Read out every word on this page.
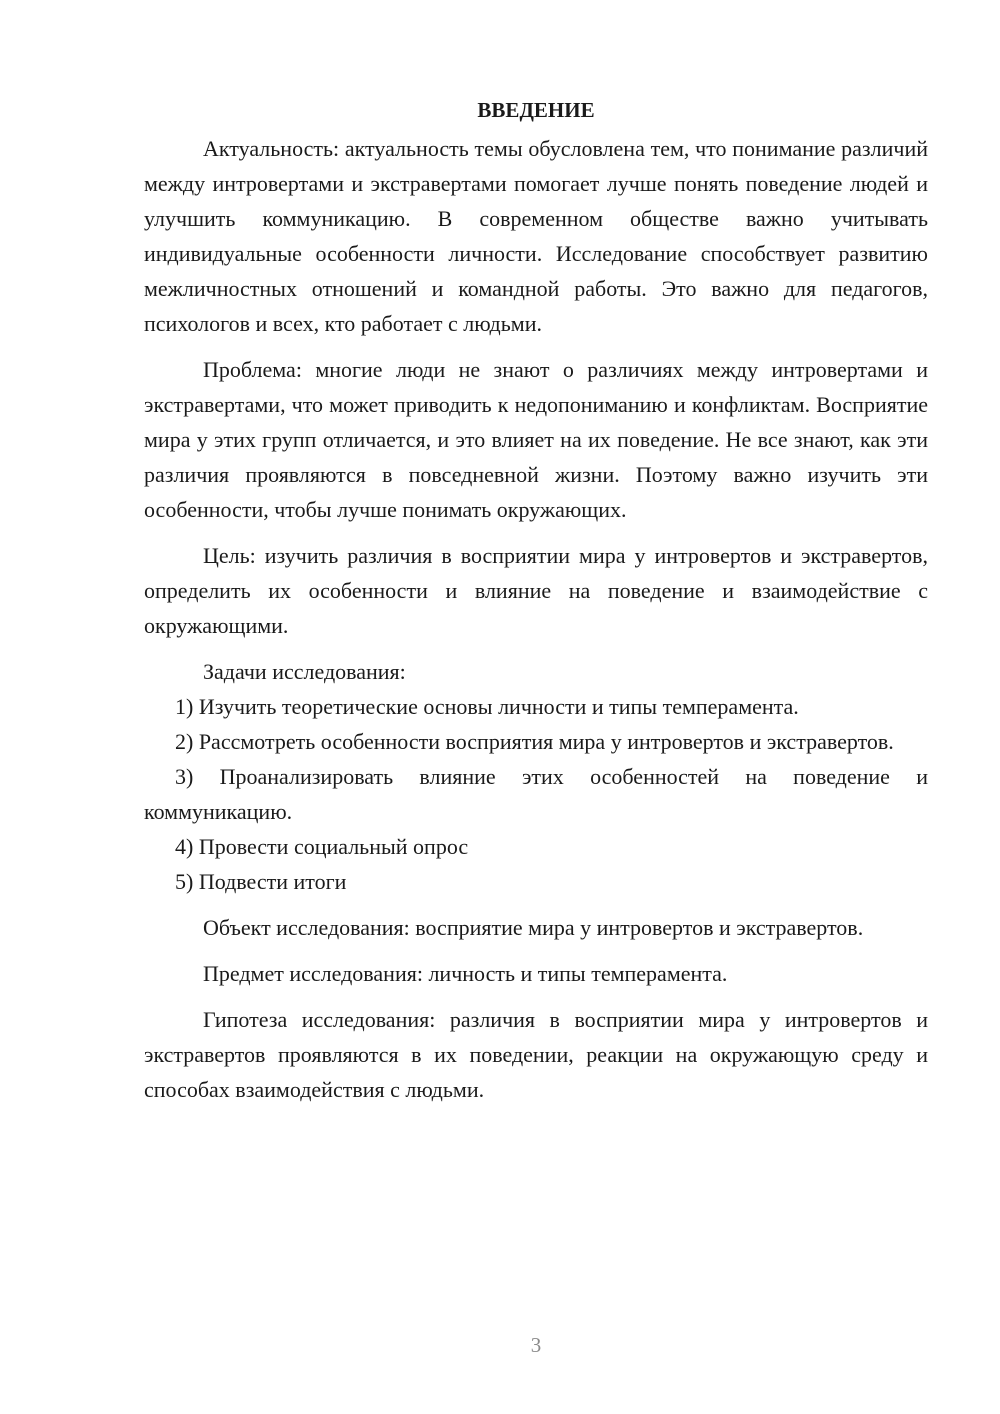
ВВЕДЕНИЕ

Актуальность: актуальность темы обусловлена тем, что понимание различий между интровертами и экстравертами помогает лучше понять поведение людей и улучшить коммуникацию. В современном обществе важно учитывать индивидуальные особенности личности. Исследование способствует развитию межличностных отношений и командной работы. Это важно для педагогов, психологов и всех, кто работает с людьми.

Проблема: многие люди не знают о различиях между интровертами и экстравертами, что может приводить к недопониманию и конфликтам. Восприятие мира у этих групп отличается, и это влияет на их поведение. Не все знают, как эти различия проявляются в повседневной жизни. Поэтому важно изучить эти особенности, чтобы лучше понимать окружающих.

Цель: изучить различия в восприятии мира у интровертов и экстравертов, определить их особенности и влияние на поведение и взаимодействие с окружающими.

Задачи исследования:

1) Изучить теоретические основы личности и типы темперамента.

2) Рассмотреть особенности восприятия мира у интровертов и экстравертов.

3) Проанализировать влияние этих особенностей на поведение и коммуникацию.

4) Провести социальный опрос

5) Подвести итоги

Объект исследования: восприятие мира у интровертов и экстравертов.

Предмет исследования: личность и типы темперамента.

Гипотеза исследования: различия в восприятии мира у интровертов и экстравертов проявляются в их поведении, реакции на окружающую среду и способах взаимодействия с людьми.

3
